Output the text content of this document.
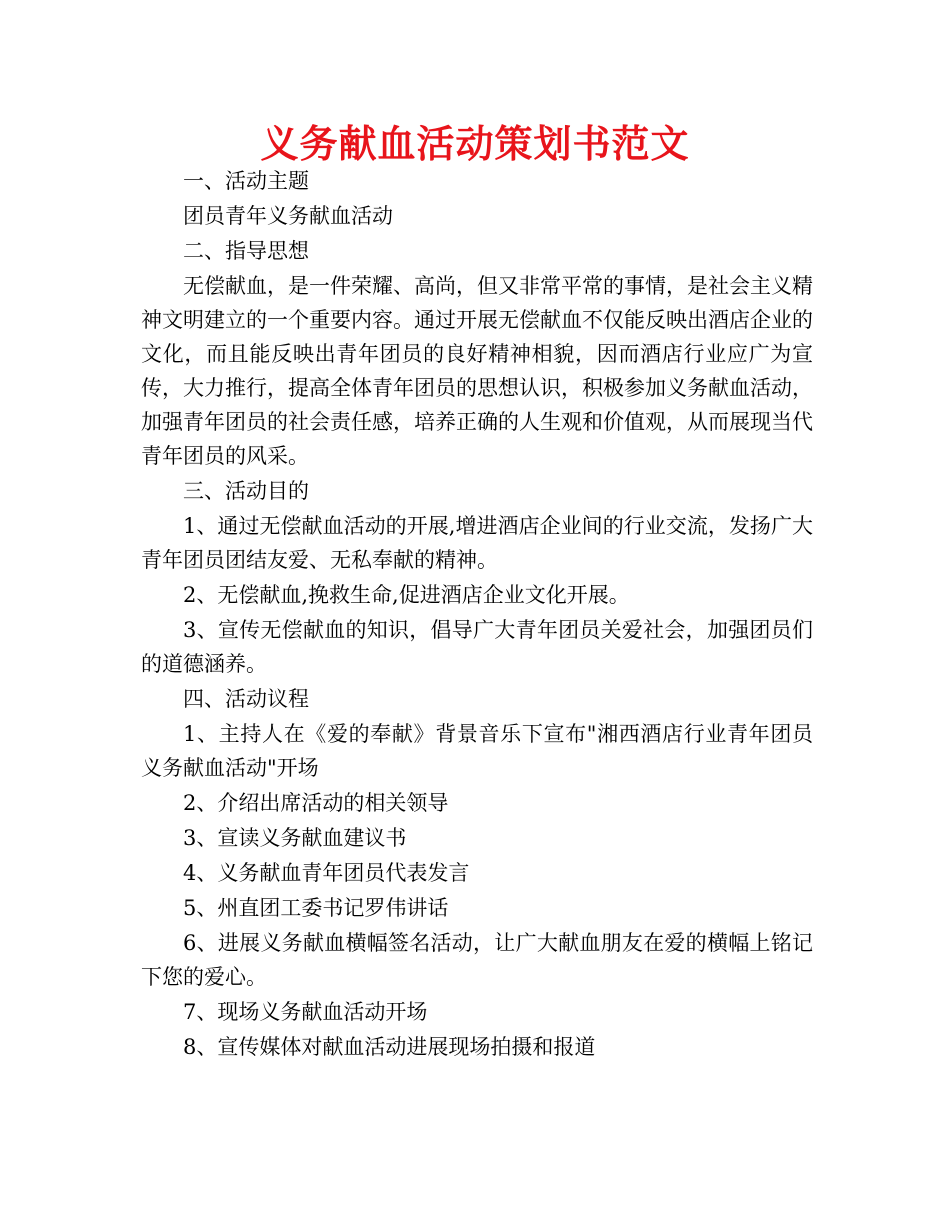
义务献血活动策划书范文

一、活动主题

团员青年义务献血活动

二、指导思想

无偿献血，是一件荣耀、高尚，但又非常平常的事情，是社会主义精神文明建立的一个重要内容。通过开展无偿献血不仅能反映出酒店企业的文化，而且能反映出青年团员的良好精神相貌，因而酒店行业应广为宣传，大力推行，提高全体青年团员的思想认识，积极参加义务献血活动，加强青年团员的社会责任感，培养正确的人生观和价值观，从而展现当代青年团员的风采。

三、活动目的

1、通过无偿献血活动的开展,增进酒店企业间的行业交流，发扬广大青年团员团结友爱、无私奉献的精神。

2、无偿献血,挽救生命,促进酒店企业文化开展。

3、宣传无偿献血的知识，倡导广大青年团员关爱社会，加强团员们的道德涵养。

四、活动议程

1、主持人在《爱的奉献》背景音乐下宣布"湘西酒店行业青年团员义务献血活动"开场

2、介绍出席活动的相关领导

3、宣读义务献血建议书

4、义务献血青年团员代表发言

5、州直团工委书记罗伟讲话

6、进展义务献血横幅签名活动，让广大献血朋友在爱的横幅上铭记下您的爱心。

7、现场义务献血活动开场

8、宣传媒体对献血活动进展现场拍摄和报道
